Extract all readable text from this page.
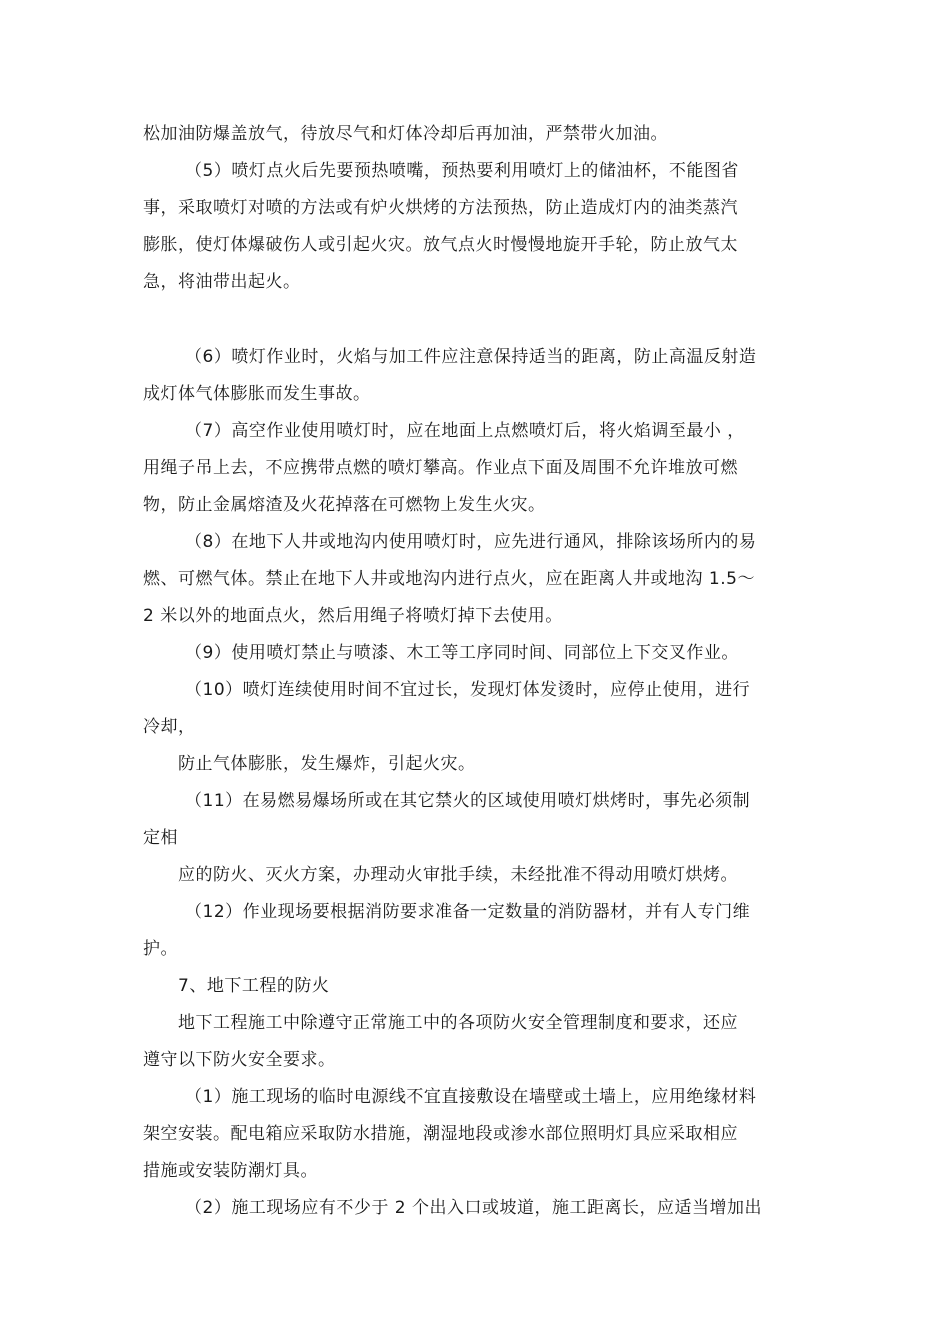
松加油防爆盖放气，待放尽气和灯体冷却后再加油，严禁带火加油。
（5）喷灯点火后先要预热喷嘴，预热要利用喷灯上的储油杯，不能图省
事，采取喷灯对喷的方法或有炉火烘烤的方法预热，防止造成灯内的油类蒸汽
膨胀，使灯体爆破伤人或引起火灾。放气点火时慢慢地旋开手轮，防止放气太
急，将油带出起火。
（6）喷灯作业时，火焰与加工件应注意保持适当的距离，防止高温反射造
成灯体气体膨胀而发生事故。
（7）高空作业使用喷灯时，应在地面上点燃喷灯后，将火焰调至最小 ，
用绳子吊上去，不应携带点燃的喷灯攀高。作业点下面及周围不允许堆放可燃
物，防止金属熔渣及火花掉落在可燃物上发生火灾。
（8）在地下人井或地沟内使用喷灯时，应先进行通风，排除该场所内的易
燃、可燃气体。禁止在地下人井或地沟内进行点火，应在距离人井或地沟 1.5～
2 米以外的地面点火，然后用绳子将喷灯掉下去使用。
（9）使用喷灯禁止与喷漆、木工等工序同时间、同部位上下交叉作业。
（10）喷灯连续使用时间不宜过长，发现灯体发烫时，应停止使用，进行
冷却，
防止气体膨胀，发生爆炸，引起火灾。
（11）在易燃易爆场所或在其它禁火的区域使用喷灯烘烤时，事先必须制
定相
应的防火、灭火方案，办理动火审批手续，未经批准不得动用喷灯烘烤。
（12）作业现场要根据消防要求准备一定数量的消防器材，并有人专门维
护。
7、地下工程的防火
地下工程施工中除遵守正常施工中的各项防火安全管理制度和要求，还应
遵守以下防火安全要求。
（1）施工现场的临时电源线不宜直接敷设在墙壁或土墙上，应用绝缘材料
架空安装。配电箱应采取防水措施，潮湿地段或渗水部位照明灯具应采取相应
措施或安装防潮灯具。
（2）施工现场应有不少于 2 个出入口或坡道，施工距离长，应适当增加出
